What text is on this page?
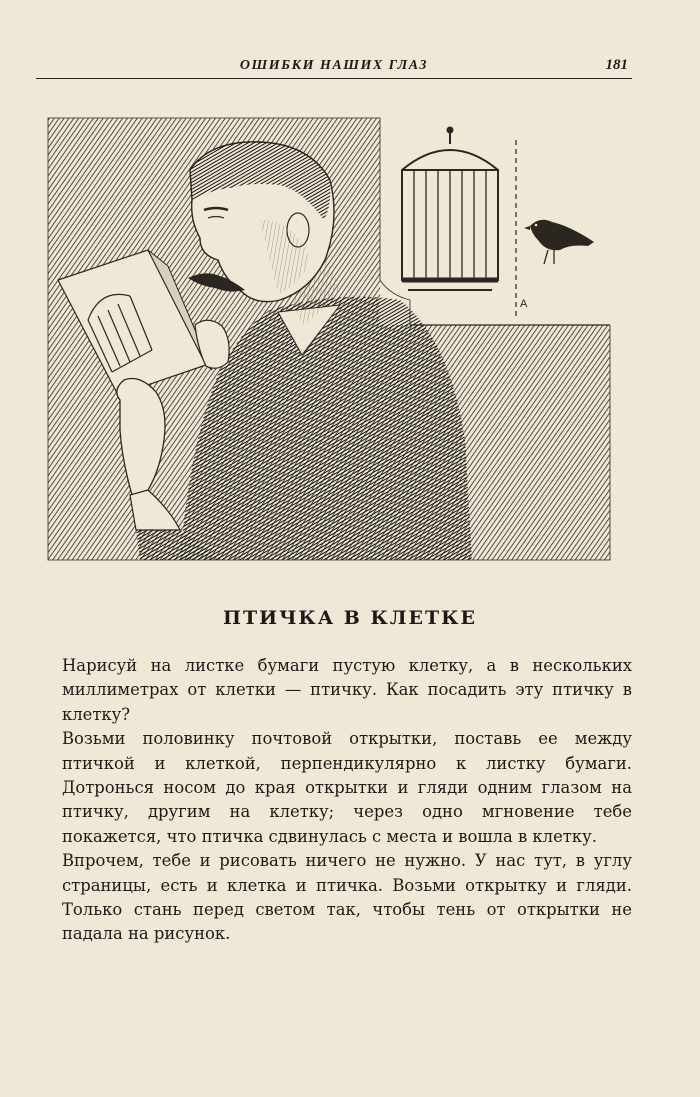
ОШИБКИ НАШИХ ГЛАЗ	181
A
ПТИЧКА В КЛЕТКЕ

Нарисуй на листке бумаги пустую клетку, а в нескольких миллиметрах от клетки — птичку. Как посадить эту птичку в клетку?

Возьми половинку почтовой открытки, поставь ее между птичкой и клеткой, перпендикулярно к листку бумаги. Дотронься носом до края открытки и гляди одним глазом на птичку, другим на клетку; через одно мгновение тебе покажется, что птичка сдвинулась с места и вошла в клетку.

Впрочем, тебе и рисовать ничего не нужно. У нас тут, в углу страницы, есть и клетка и птичка. Возьми открытку и гляди. Только стань перед светом так, чтобы тень от открытки не падала на рисунок.
